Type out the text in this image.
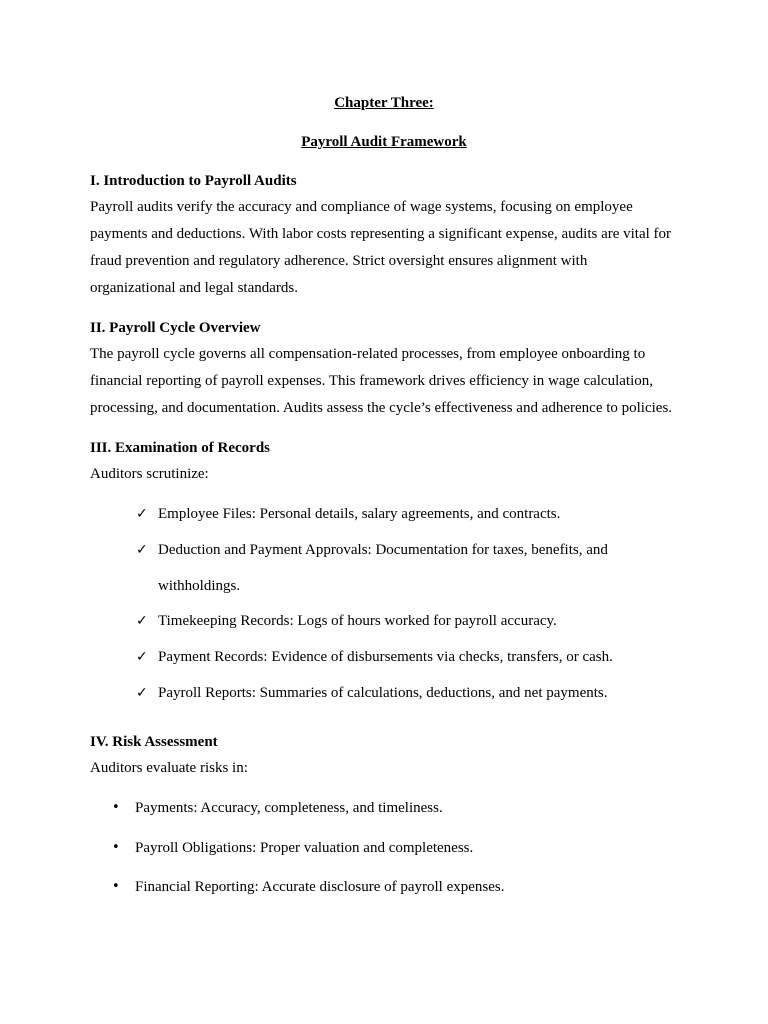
Chapter Three:
Payroll Audit Framework
I. Introduction to Payroll Audits
Payroll audits verify the accuracy and compliance of wage systems, focusing on employee
payments and deductions. With labor costs representing a significant expense, audits are vital for
fraud prevention and regulatory adherence. Strict oversight ensures alignment with
organizational and legal standards.
II. Payroll Cycle Overview
The payroll cycle governs all compensation-related processes, from employee onboarding to
financial reporting of payroll expenses. This framework drives efficiency in wage calculation,
processing, and documentation. Audits assess the cycle’s effectiveness and adherence to policies.
III. Examination of Records
Auditors scrutinize:
✓ Employee Files: Personal details, salary agreements, and contracts.
✓ Deduction and Payment Approvals: Documentation for taxes, benefits, and
withholdings.
✓ Timekeeping Records: Logs of hours worked for payroll accuracy.
✓ Payment Records: Evidence of disbursements via checks, transfers, or cash.
✓ Payroll Reports: Summaries of calculations, deductions, and net payments.
IV. Risk Assessment
Auditors evaluate risks in:
• Payments: Accuracy, completeness, and timeliness.
• Payroll Obligations: Proper valuation and completeness.
• Financial Reporting: Accurate disclosure of payroll expenses.
